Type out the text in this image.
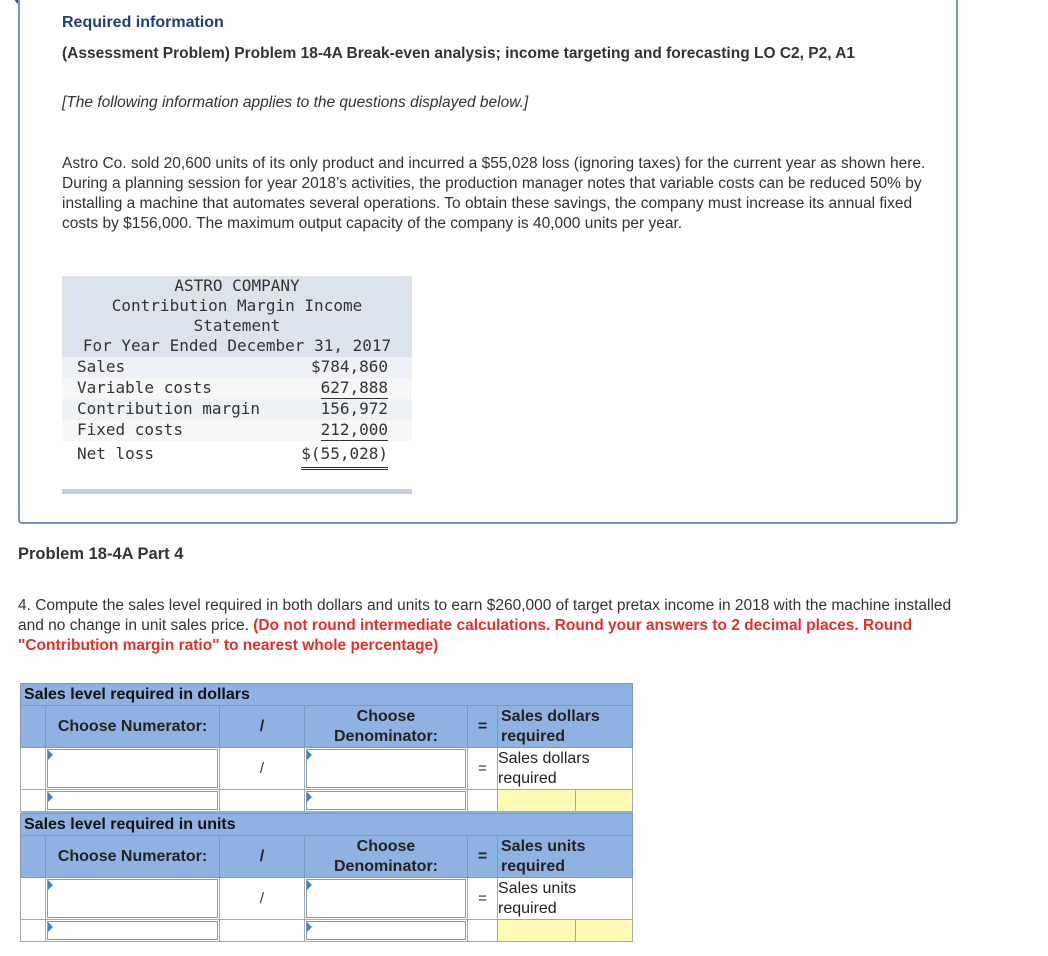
Required information
(Assessment Problem) Problem 18-4A Break-even analysis; income targeting and forecasting LO C2, P2, A1
[The following information applies to the questions displayed below.]
Astro Co. sold 20,600 units of its only product and incurred a $55,028 loss (ignoring taxes) for the current year as shown here. During a planning session for year 2018’s activities, the production manager notes that variable costs can be reduced 50% by installing a machine that automates several operations. To obtain these savings, the company must increase its annual fixed costs by $156,000. The maximum output capacity of the company is 40,000 units per year.
ASTRO COMPANY
Contribution Margin Income
Statement
For Year Ended December 31, 2017
Sales	$784,860
Variable costs	627,888
Contribution margin	156,972
Fixed costs	212,000
Net loss	$(55,028)
Problem 18-4A Part 4
4. Compute the sales level required in both dollars and units to earn $260,000 of target pretax income in 2018 with the machine installed and no change in unit sales price. (Do not round intermediate calculations. Round your answers to 2 decimal places. Round "Contribution margin ratio" to nearest whole percentage)
Sales level required in dollars						
	Choose Numerator:	/	Choose Denominator:	=	Sales dollars required	

	/		=	Sales dollars required	

Sales level required in units						
	Choose Numerator:	/	Choose Denominator:	=	Sales units required	

	/		=	Sales units required	
